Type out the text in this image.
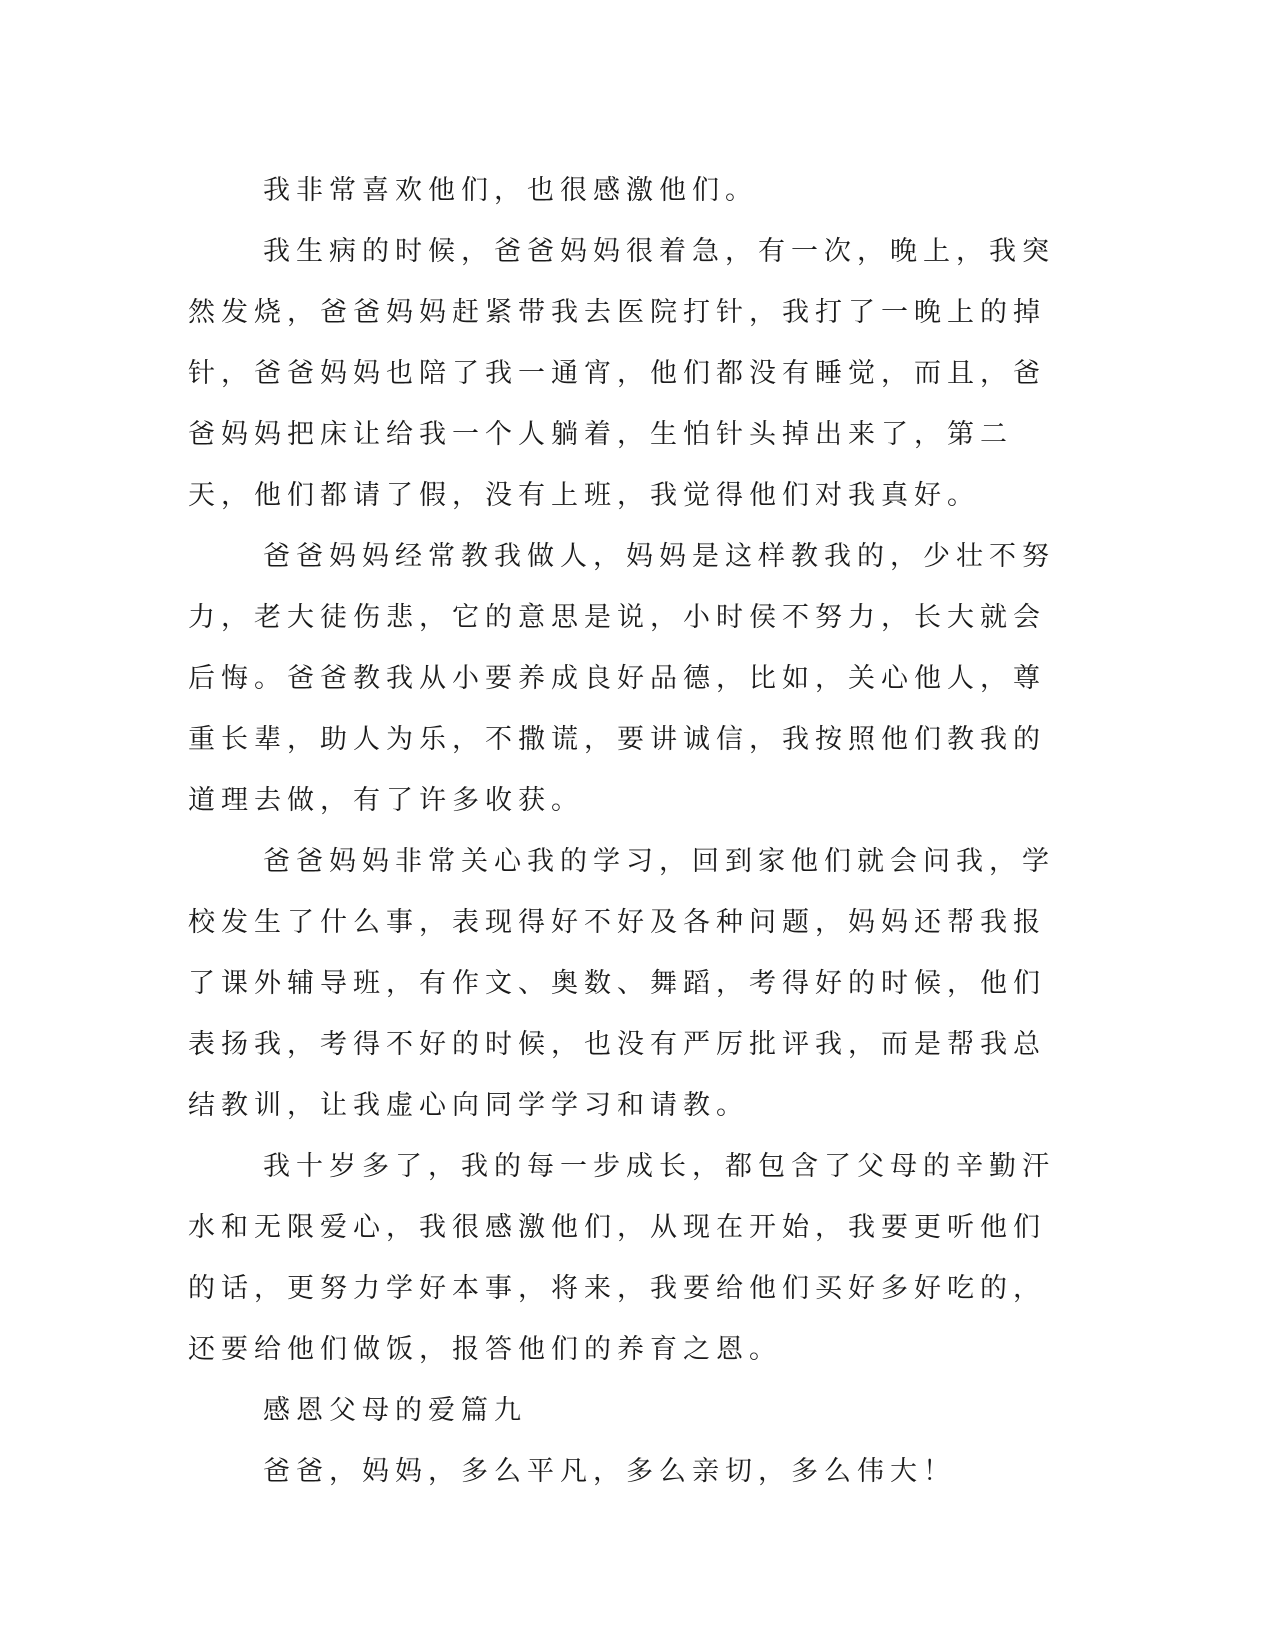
我非常喜欢他们，也很感激他们。

我生病的时候，爸爸妈妈很着急，有一次，晚上，我突然发烧，爸爸妈妈赶紧带我去医院打针，我打了一晚上的掉针，爸爸妈妈也陪了我一通宵，他们都没有睡觉，而且，爸爸妈妈把床让给我一个人躺着，生怕针头掉出来了，第二天，他们都请了假，没有上班，我觉得他们对我真好。

爸爸妈妈经常教我做人，妈妈是这样教我的，少壮不努力，老大徒伤悲，它的意思是说，小时侯不努力，长大就会后悔。爸爸教我从小要养成良好品德，比如，关心他人，尊重长辈，助人为乐，不撒谎，要讲诚信，我按照他们教我的道理去做，有了许多收获。

爸爸妈妈非常关心我的学习，回到家他们就会问我，学校发生了什么事，表现得好不好及各种问题，妈妈还帮我报了课外辅导班，有作文、奥数、舞蹈，考得好的时候，他们表扬我，考得不好的时候，也没有严厉批评我，而是帮我总结教训，让我虚心向同学学习和请教。

我十岁多了，我的每一步成长，都包含了父母的辛勤汗水和无限爱心，我很感激他们，从现在开始，我要更听他们的话，更努力学好本事，将来，我要给他们买好多好吃的，还要给他们做饭，报答他们的养育之恩。

感恩父母的爱篇九

爸爸，妈妈，多么平凡，多么亲切，多么伟大！
